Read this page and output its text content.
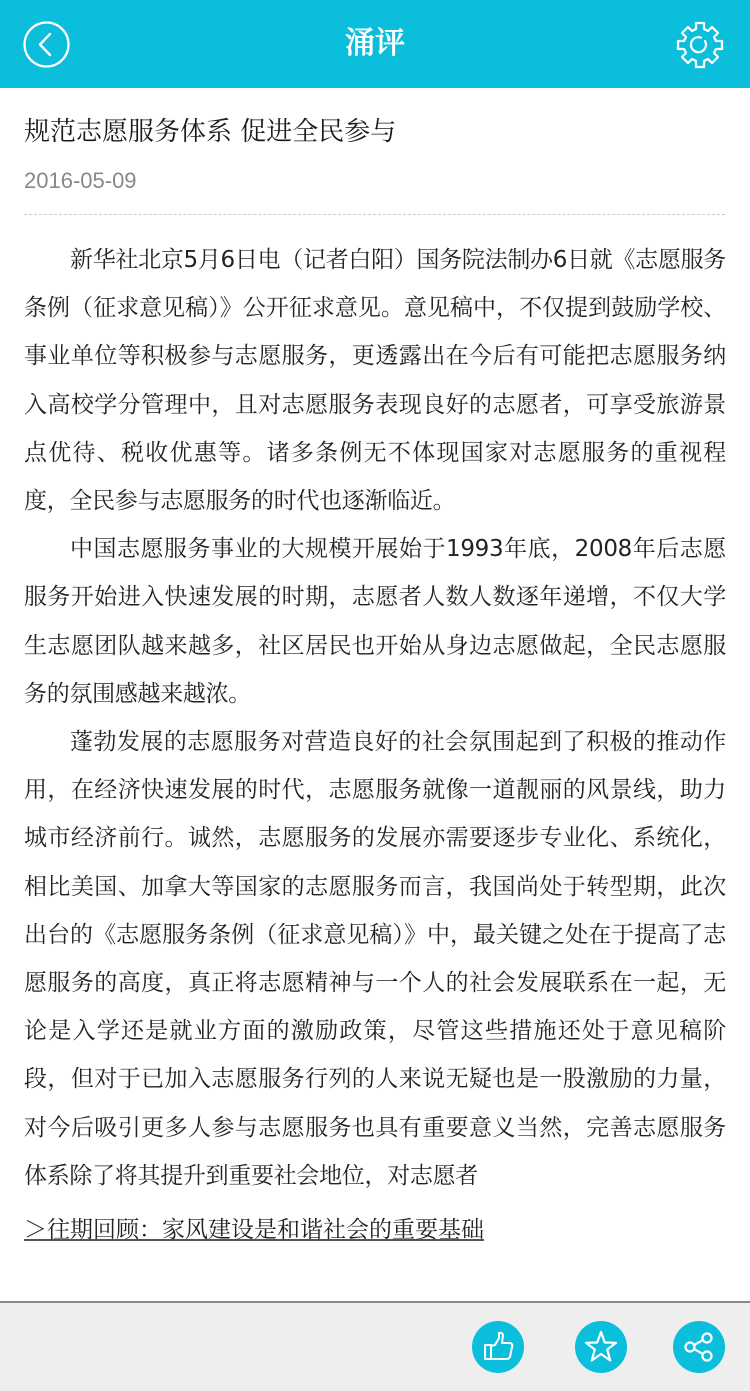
涌评
规范志愿服务体系 促进全民参与
2016-05-09

新华社北京5月6日电（记者白阳）国务院法制办6日就《志愿服务条例（征求意见稿）》公开征求意见。意见稿中，不仅提到鼓励学校、事业单位等积极参与志愿服务，更透露出在今后有可能把志愿服务纳入高校学分管理中，且对志愿服务表现良好的志愿者，可享受旅游景点优待、税收优惠等。诸多条例无不体现国家对志愿服务的重视程度，全民参与志愿服务的时代也逐渐临近。

中国志愿服务事业的大规模开展始于1993年底，2008年后志愿服务开始进入快速发展的时期，志愿者人数人数逐年递增，不仅大学生志愿团队越来越多，社区居民也开始从身边志愿做起，全民志愿服务的氛围感越来越浓。

蓬勃发展的志愿服务对营造良好的社会氛围起到了积极的推动作用，在经济快速发展的时代，志愿服务就像一道靓丽的风景线，助力城市经济前行。诚然，志愿服务的发展亦需要逐步专业化、系统化，相比美国、加拿大等国家的志愿服务而言，我国尚处于转型期，此次出台的《志愿服务条例（征求意见稿）》中，最关键之处在于提高了志愿服务的高度，真正将志愿精神与一个人的社会发展联系在一起，无论是入学还是就业方面的激励政策，尽管这些措施还处于意见稿阶段，但对于已加入志愿服务行列的人来说无疑也是一股激励的力量，对今后吸引更多人参与志愿服务也具有重要意义当然，完善志愿服务体系除了将其提升到重要社会地位，对志愿者

＞往期回顾：家风建设是和谐社会的重要基础
